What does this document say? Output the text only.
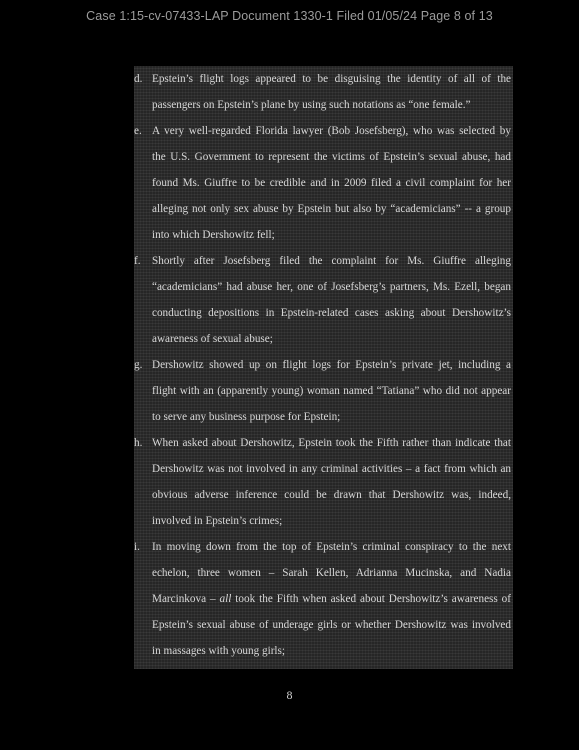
Case 1:15-cv-07433-LAP Document 1330-1 Filed 01/05/24 Page 8 of 13
d. Epstein’s flight logs appeared to be disguising the identity of all of the
passengers on Epstein’s plane by using such notations as “one female.”
e. A very well-regarded Florida lawyer (Bob Josefsberg), who was selected by
the U.S. Government to represent the victims of Epstein’s sexual abuse, had
found Ms. Giuffre to be credible and in 2009 filed a civil complaint for her
alleging not only sex abuse by Epstein but also by “academicians” -- a group
into which Dershowitz fell;
f.	Shortly after Josefsberg filed the complaint for Ms. Giuffre alleging
“academicians” had abuse her, one of Josefsberg’s partners, Ms. Ezell, began
conducting depositions in Epstein-related cases asking about Dershowitz’s
awareness of sexual abuse;
g. Dershowitz showed up on flight logs for Epstein’s private jet, including a
flight with an (apparently young) woman named “Tatiana” who did not appear
to serve any business purpose for Epstein;
h. When asked about Dershowitz, Epstein took the Fifth rather than indicate that
Dershowitz was not involved in any criminal activities – a fact from which an
obvious adverse inference could be drawn that Dershowitz was, indeed,
involved in Epstein’s crimes;
i.	In moving down from the top of Epstein’s criminal conspiracy to the next
echelon, three women – Sarah Kellen, Adrianna Mucinska, and Nadia
Marcinkova – all took the Fifth when asked about Dershowitz’s awareness of
Epstein’s sexual abuse of underage girls or whether Dershowitz was involved
in massages with young girls;
8
